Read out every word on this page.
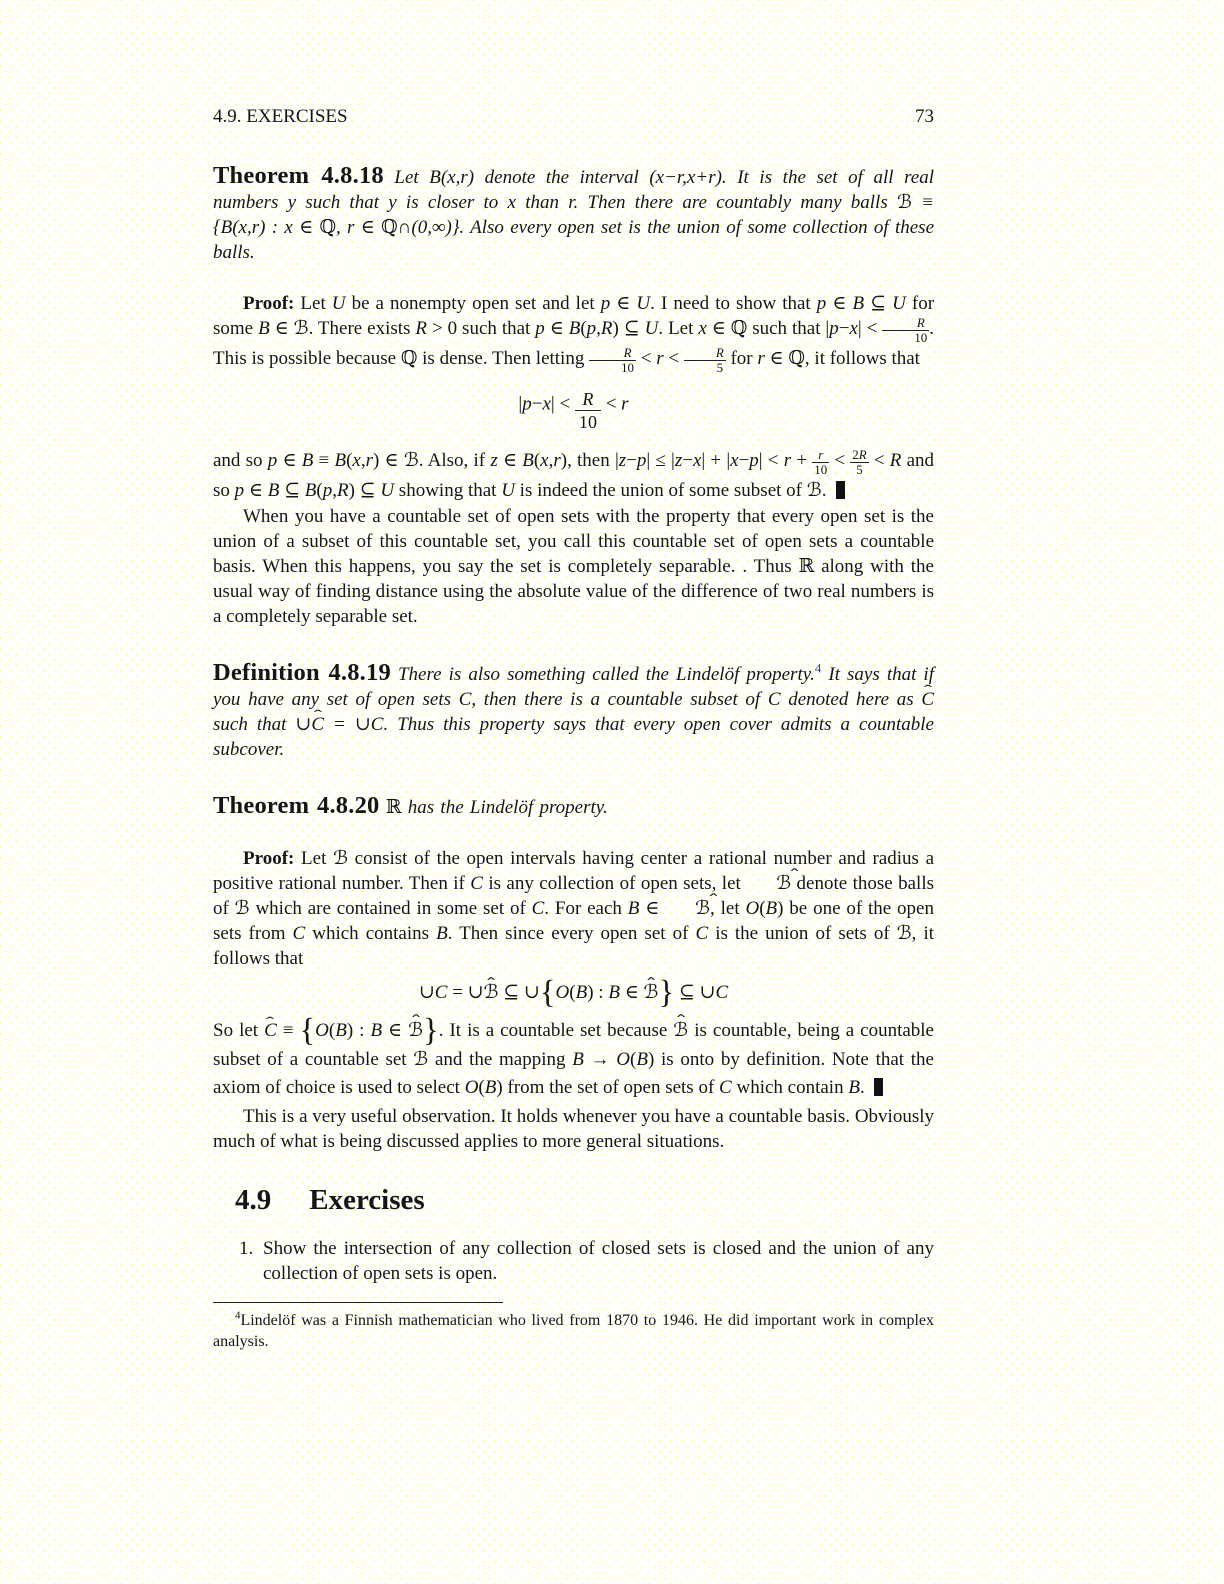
4.9. EXERCISES	73

Theorem 4.8.18 Let B(x,r) denote the interval (x−r,x+r). It is the set of all real numbers y such that y is closer to x than r. Then there are countably many balls ℬ ≡ {B(x,r) : x ∈ ℚ, r ∈ ℚ∩(0,∞)}. Also every open set is the union of some collection of these balls.

Proof: Let U be a nonempty open set and let p ∈ U. I need to show that p ∈ B ⊆ U for some B ∈ ℬ. There exists R > 0 such that p ∈ B(p,R) ⊆ U. Let x ∈ ℚ such that $|p-x| < \frac{R}{10}$ . This is possible because ℚ is dense. Then letting $\frac{R}{10} < r < \frac{R}{5}$ for r ∈ ℚ, it follows that

$|p-x| < \frac{R}{10} < r$

and so p ∈ B ≡ B(x,r) ∈ ℬ. Also, if z ∈ B(x,r), then $|z-p| \le |z-x| + |x-p| < r + \frac{r}{10} < \frac{2R}{5} < R$ and so p ∈ B ⊆ B(p,R) ⊆ U showing that U is indeed the union of some subset of ℬ.

When you have a countable set of open sets with the property that every open set is the union of a subset of this countable set, you call this countable set of open sets a countable basis. When this happens, you say the set is completely separable. . Thus ℝ along with the usual way of finding distance using the absolute value of the difference of two real numbers is a completely separable set.

Definition 4.8.19 There is also something called the Lindelöf property.$^4$ It says that if you have any set of open sets C, then there is a countable subset of C denoted here as C ˆ such that ∪C ˆ = ∪C. Thus this property says that every open cover admits a countable subcover.

Theorem 4.8.20 ℝ has the Lindelöf property.

Proof: Let ℬ consist of the open intervals having center a rational number and radius a positive rational number. Then if C is any collection of open sets, let ℬ ˆ denote those balls of ℬ which are contained in some set of C. For each B ∈ ℬ ˆ, let O(B) be one of the open sets from C which contains B. Then since every open set of C is the union of sets of ℬ, it follows that

∪C = ∪ℬ ˆ ⊆ ∪{O(B) : B ∈ ℬ ˆ} ⊆ ∪C

So let C ˆ ≡ {O(B) : B ∈ ℬ ˆ}. It is a countable set because ℬ ˆ is countable, being a countable subset of a countable set ℬ and the mapping B → O(B) is onto by definition. Note that the axiom of choice is used to select O(B) from the set of open sets of C which contain B.

This is a very useful observation. It holds whenever you have a countable basis. Obviously much of what is being discussed applies to more general situations.

4.9 Exercises
1. Show the intersection of any collection of closed sets is closed and the union of any collection of open sets is open.
$^4$Lindelöf was a Finnish mathematician who lived from 1870 to 1946. He did important work in complex analysis.
